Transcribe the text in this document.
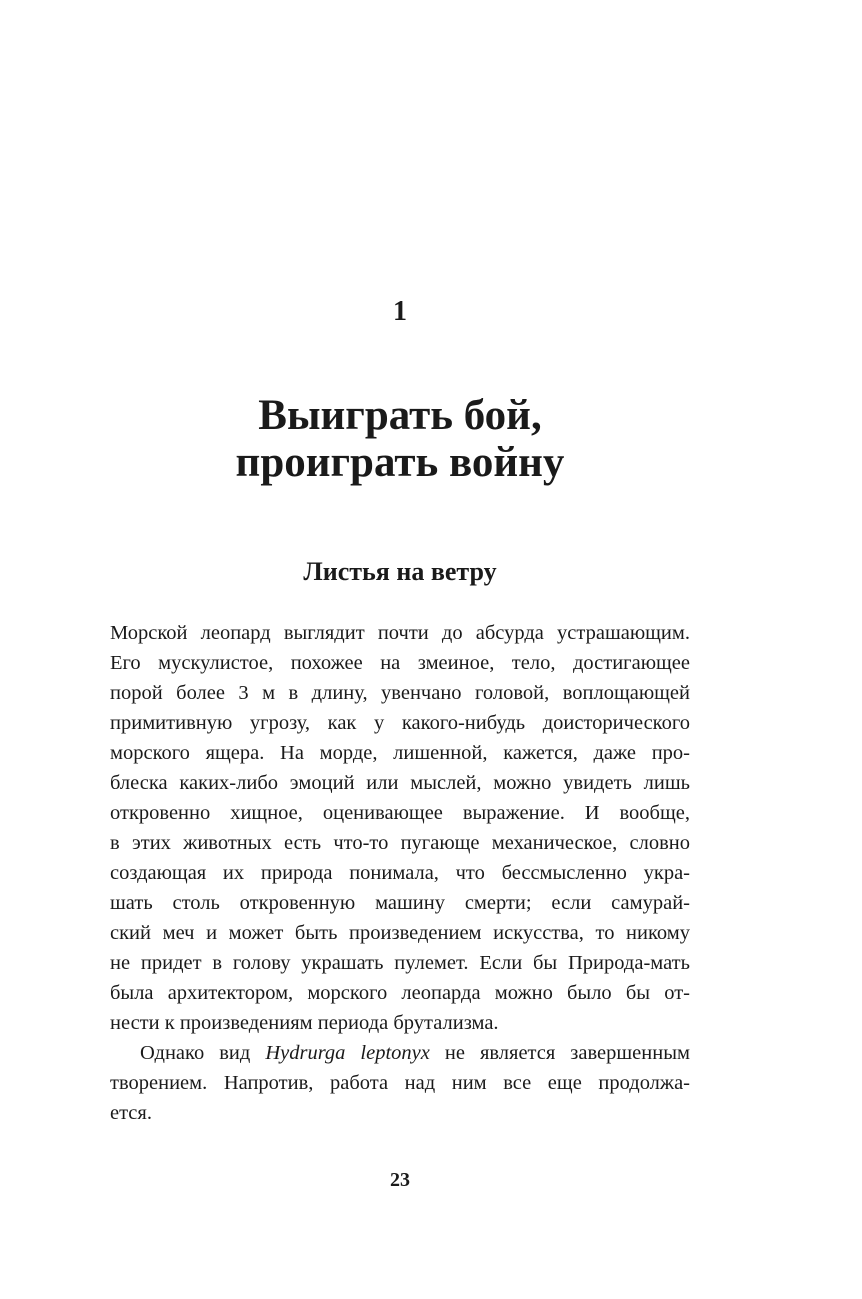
1
Выиграть бой,
проиграть войну
Листья на ветру
Морской леопард выглядит почти до абсурда устрашающим.
Его мускулистое, похожее на змеиное, тело, достигающее
порой более 3 м в длину, увенчано головой, воплощающей
примитивную угрозу, как у какого-нибудь доисторического
морского ящера. На морде, лишенной, кажется, даже про-
блеска каких-либо эмоций или мыслей, можно увидеть лишь
откровенно хищное, оценивающее выражение. И вообще,
в этих животных есть что-то пугающе механическое, словно
создающая их природа понимала, что бессмысленно укра-
шать столь откровенную машину смерти; если самурай-
ский меч и может быть произведением искусства, то никому
не придет в голову украшать пулемет. Если бы Природа-мать
была архитектором, морского леопарда можно было бы от-
нести к произведениям периода брутализма.
Однако вид Hydrurga leptonyx не является завершенным
творением. Напротив, работа над ним все еще продолжа-
ется.
23
